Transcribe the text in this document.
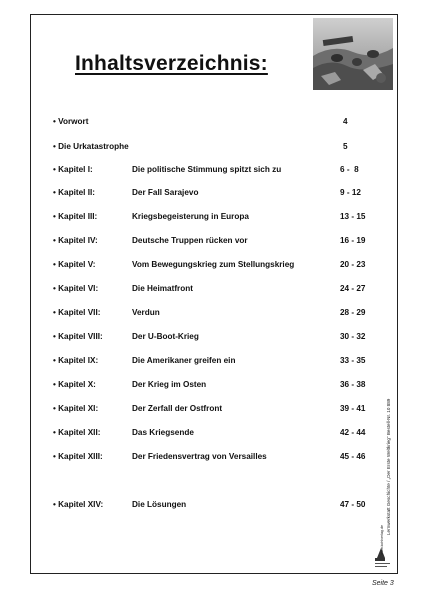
Inhaltsverzeichnis:
• Vorwort	4
• Die Urkatastrophe	5
• Kapitel I:	Die politische Stimmung spitzt sich zu	6 -  8
• Kapitel II:	Der Fall Sarajevo	9 - 12
• Kapitel III:	Kriegsbegeisterung in Europa	13 - 15
• Kapitel IV:	Deutsche Truppen rücken vor	16 - 19
• Kapitel V:	Vom Bewegungskrieg zum Stellungskrieg	20 - 23
• Kapitel VI:	Die Heimatfront	24 - 27
• Kapitel VII:	Verdun	28 - 29
• Kapitel VIII:	Der U-Boot-Krieg	30 - 32
• Kapitel IX:	Die Amerikaner greifen ein	33 - 35
• Kapitel X:	Der Krieg im Osten	36 - 38
• Kapitel XI:	Der Zerfall der Ostfront	39 - 41
• Kapitel XII:	Das Kriegsende	42 - 44
• Kapitel XIII:	Der Friedensvertrag von Versailles	45 - 46
• Kapitel XIV:	Die Lösungen	47 - 50	Lernwerkstatt Geschichte / „Der Erste Weltkrieg" Bestell-Nr. 10 889
www.kohlverlag.de
Seite 3
